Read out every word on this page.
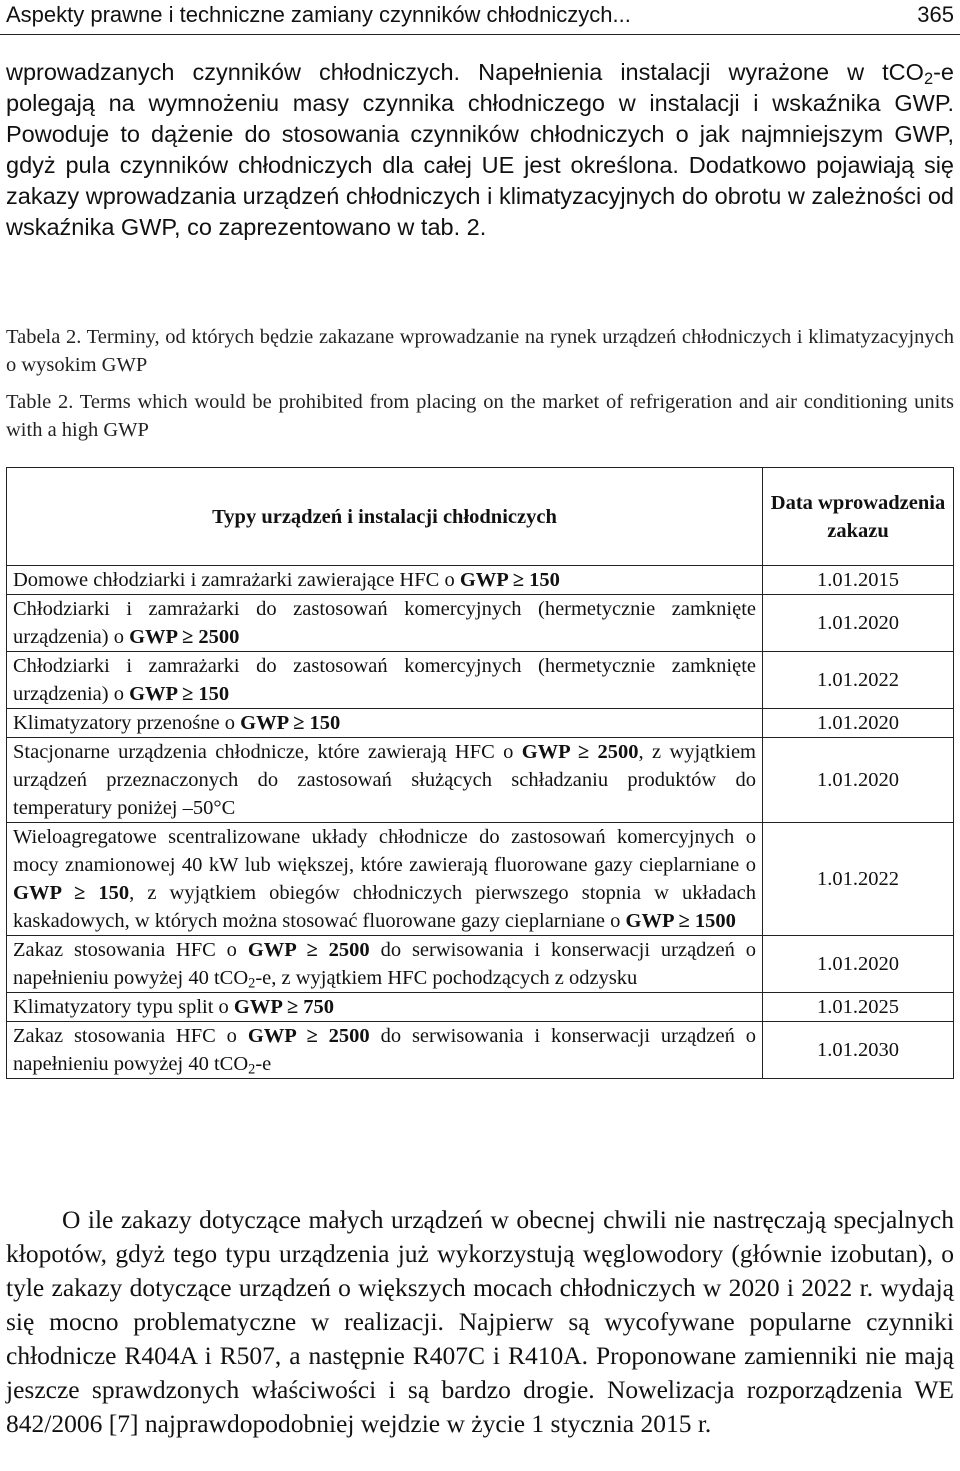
Aspekty prawne i techniczne zamiany czynników chłodniczych...	365

wprowadzanych czynników chłodniczych. Napełnienia instalacji wyrażone w tCO$_2$-e polegają na wymnożeniu masy czynnika chłodniczego w instalacji i wskaźnika GWP. Powoduje to dążenie do stosowania czynników chłodniczych o jak najmniejszym GWP, gdyż pula czynników chłodniczych dla całej UE jest określona. Dodatkowo pojawiają się zakazy wprowadzania urządzeń chłodniczych i klimatyzacyjnych do obrotu w zależności od wskaźnika GWP, co zaprezentowano w tab. 2.

Tabela 2. Terminy, od których będzie zakazane wprowadzanie na rynek urządzeń chłodniczych i klimatyzacyjnych o wysokim GWP

Table 2. Terms which would be prohibited from placing on the market of refrigeration and air conditioning units with a high GWP

Typy urządzeń i instalacji chłodniczych	Data wprowadzenia zakazu
Domowe chłodziarki i zamrażarki zawierające HFC o GWP ≥ 150	1.01.2015
Chłodziarki i zamrażarki do zastosowań komercyjnych (hermetycznie zamknięte urządzenia) o GWP ≥ 2500	1.01.2020
Chłodziarki i zamrażarki do zastosowań komercyjnych (hermetycznie zamknięte urządzenia) o GWP ≥ 150	1.01.2022
Klimatyzatory przenośne o GWP ≥ 150	1.01.2020
Stacjonarne urządzenia chłodnicze, które zawierają HFC o GWP ≥ 2500, z wyjątkiem urządzeń przeznaczonych do zastosowań służących schładzaniu produktów do temperatury poniżej –50°C	1.01.2020
Wieloagregatowe scentralizowane układy chłodnicze do zastosowań komercyjnych o mocy znamionowej 40 kW lub większej, które zawierają fluorowane gazy cieplarniane o GWP ≥ 150, z wyjątkiem obiegów chłodniczych pierwszego stopnia w układach kaskadowych, w których można stosować fluorowane gazy cieplarniane o GWP ≥ 1500	1.01.2022
Zakaz stosowania HFC o GWP ≥ 2500 do serwisowania i konserwacji urządzeń o napełnieniu powyżej 40 tCO$_2$-e, z wyjątkiem HFC pochodzących z odzysku	1.01.2020
Klimatyzatory typu split o GWP ≥ 750	1.01.2025
Zakaz stosowania HFC o GWP ≥ 2500 do serwisowania i konserwacji urządzeń o napełnieniu powyżej 40 tCO$_2$-e	1.01.2030

O ile zakazy dotyczące małych urządzeń w obecnej chwili nie nastręczają specjalnych kłopotów, gdyż tego typu urządzenia już wykorzystują węglowodory (głównie izobutan), o tyle zakazy dotyczące urządzeń o większych mocach chłodniczych w 2020 i 2022 r. wydają się mocno problematyczne w realizacji. Najpierw są wycofywane popularne czynniki chłodnicze R404A i R507, a następnie R407C i R410A. Proponowane zamienniki nie mają jeszcze sprawdzonych właściwości i są bardzo drogie. Nowelizacja rozporządzenia WE 842/2006 [7] najprawdopodobniej wejdzie w życie 1 stycznia 2015 r.
